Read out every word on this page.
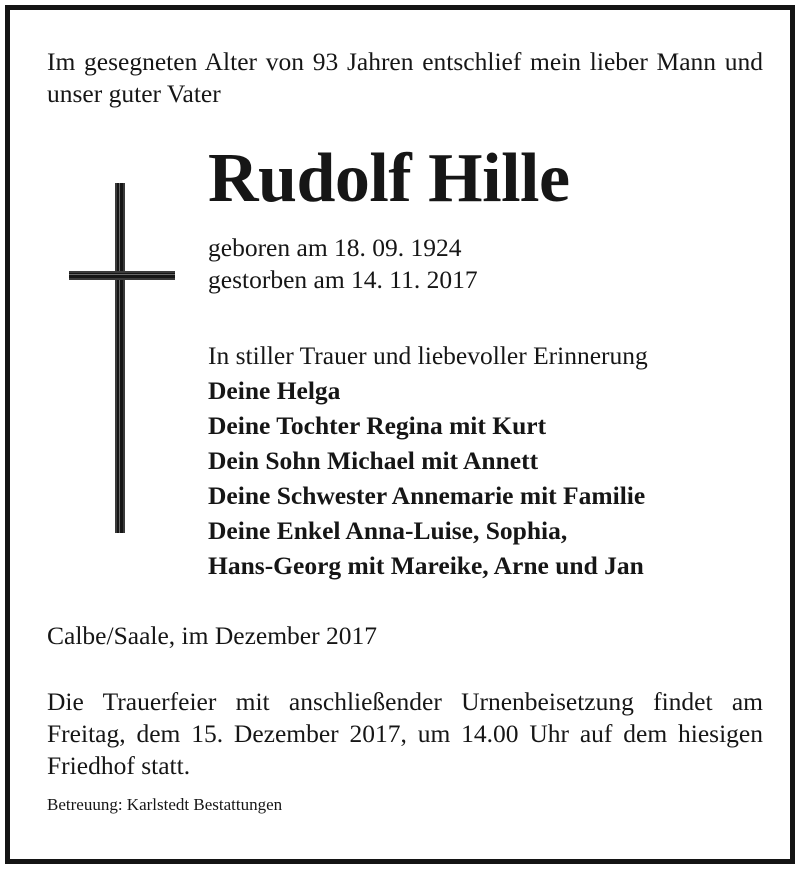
Im gesegneten Alter von 93 Jahren entschlief mein lieber Mann und unser guter Vater

Rudolf Hille
geboren am 18. 09. 1924
gestorben am 14. 11. 2017
In stiller Trauer und liebevoller Erinnerung
Deine Helga
Deine Tochter Regina mit Kurt
Dein Sohn Michael mit Annett
Deine Schwester Annemarie mit Familie
Deine Enkel Anna-Luise, Sophia,
Hans-Georg mit Mareike, Arne und Jan

Calbe/Saale, im Dezember 2017

Die Trauerfeier mit anschließender Urnenbeisetzung findet am Freitag, dem 15. Dezember 2017, um 14.00 Uhr auf dem hiesigen Friedhof statt.

Betreuung: Karlstedt Bestattungen
